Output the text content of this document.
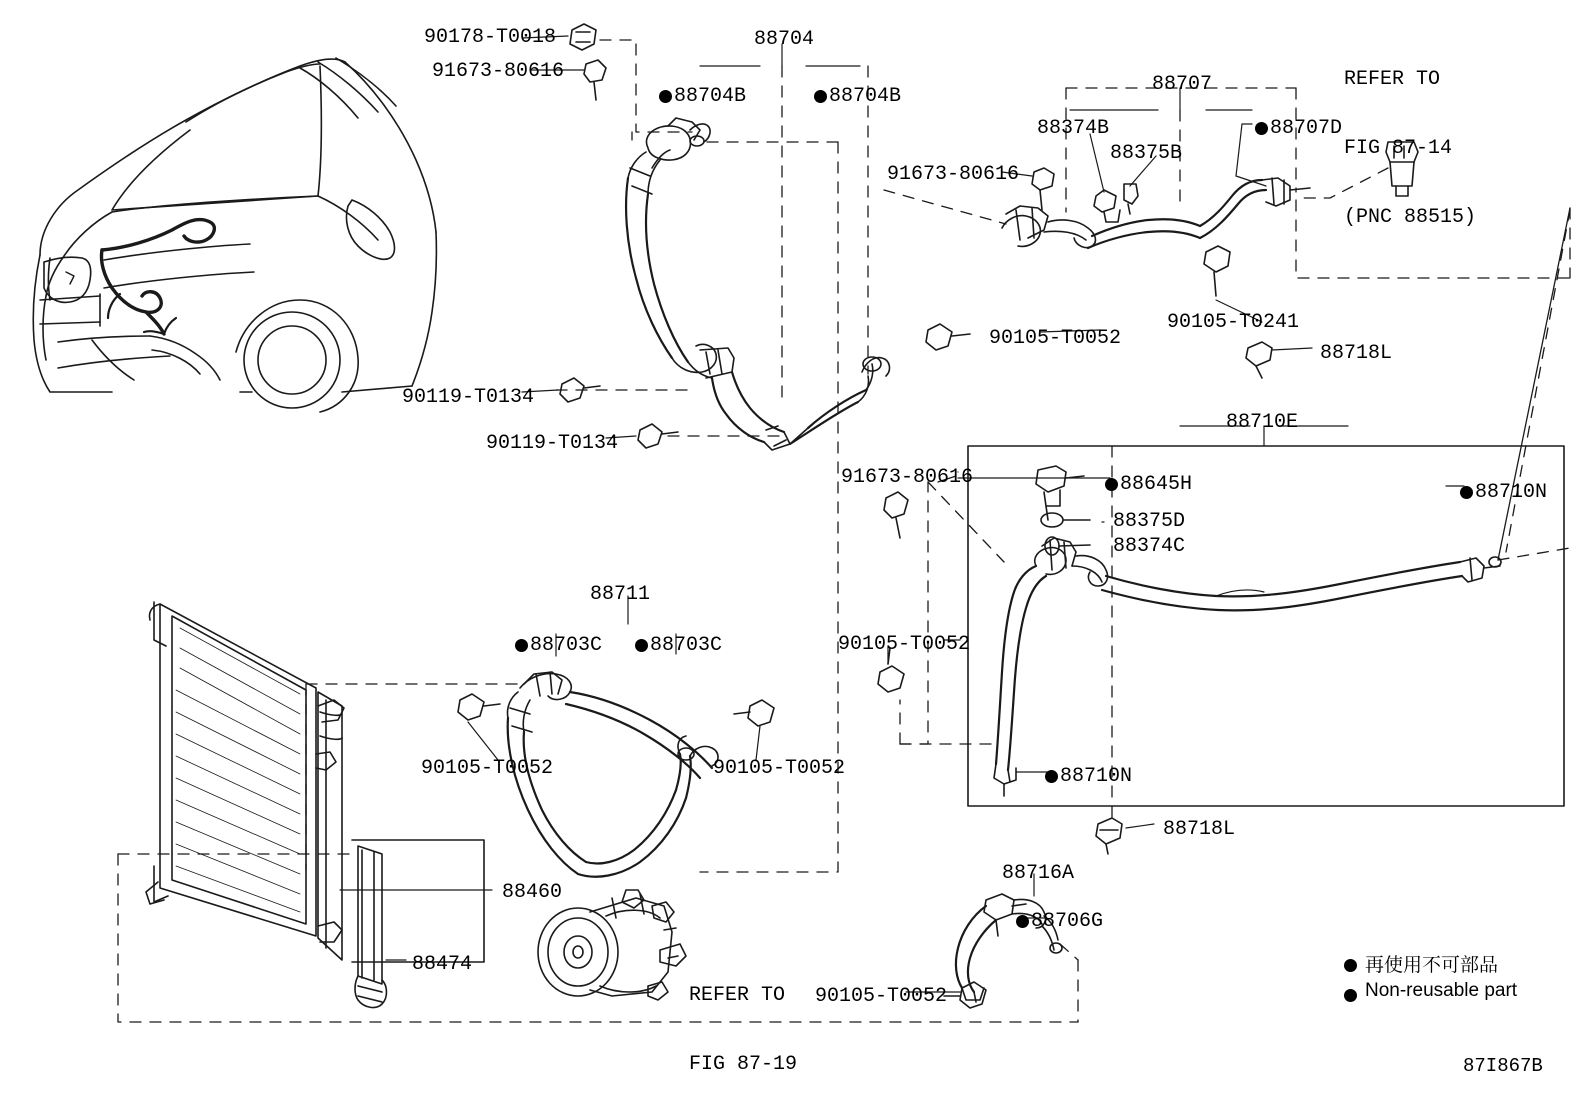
90178-T0018
91673-80616
88704
88704B	88704B
88707
88374B
88375B
88707D
91673-80616

REFER TO

FIG 87-14

(PNC 88515)

90105-T0241
90105-T0052
88718L
88710E
90119-T0134
90119-T0134
91673-80616	88645H	88710N
88375D
88374C
88711
88703C 88703C	90105-T0052
90105-T0052	90105-T0052	88710N
88718L
88716A
88460
88706G
88474
90105-T0052

REFER TO

FIG 87-19

再使用不可部品
Non-reusable part
87I867B
